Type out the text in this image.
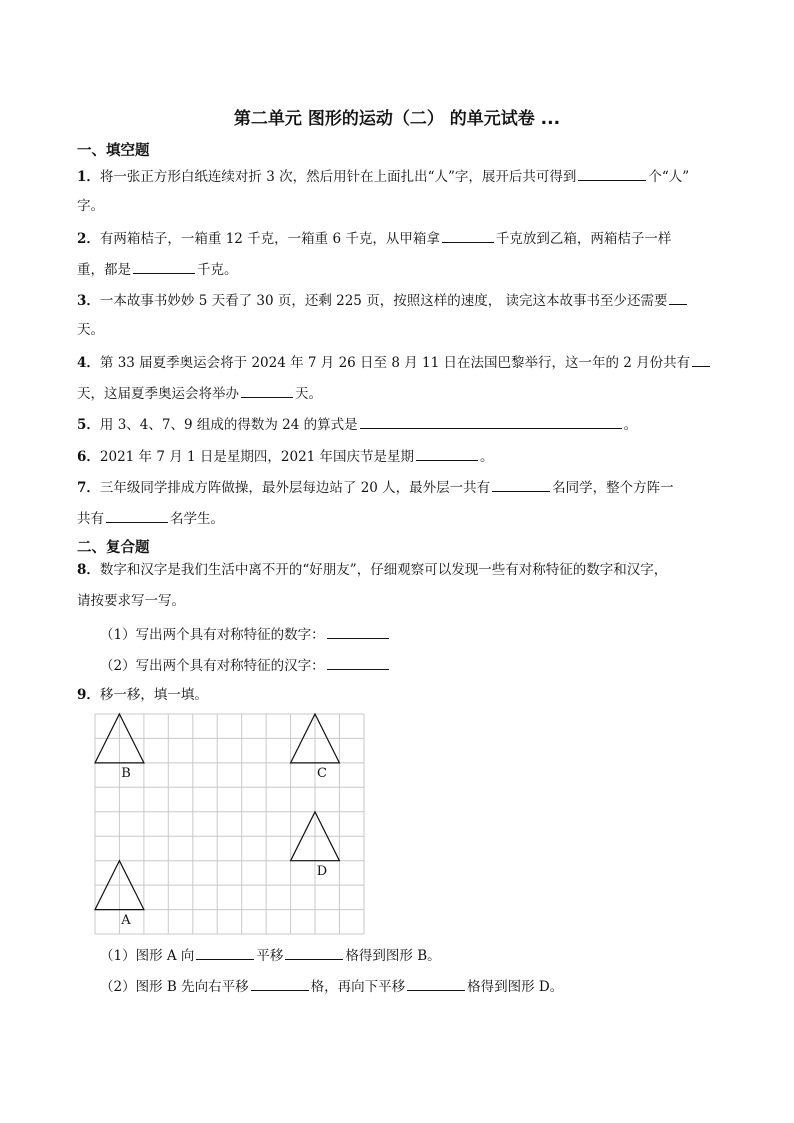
第二单元 图形的运动（二） 的单元试卷 ...
一、填空题
1．将一张正方形白纸连续对折 3 次，然后用针在上面扎出“人”字，展开后共可得到	个“人”
字。
2．有两箱桔子，一箱重 12 千克，一箱重 6 千克，从甲箱拿	千克放到乙箱，两箱桔子一样
重，都是	千克。
3．一本故事书妙妙 5 天看了 30 页，还剩 225 页，按照这样的速度， 读完这本故事书至少还需要
天。
4．第 33 届夏季奥运会将于 2024 年 7 月 26 日至 8 月 11 日在法国巴黎举行，这一年的 2 月份共有
天，这届夏季奥运会将举办	天。
5．用 3、4、7、9 组成的得数为 24 的算式是	。
6．2021 年 7 月 1 日是星期四，2021 年国庆节是星期	。
7．三年级同学排成方阵做操，最外层每边站了 20 人，最外层一共有	名同学，整个方阵一
共有	名学生。
二、复合题
8．数字和汉字是我们生活中离不开的“好朋友”，仔细观察可以发现一些有对称特征的数字和汉字，
请按要求写一写。
（1）写出两个具有对称特征的数字：
（2）写出两个具有对称特征的汉字：
9．移一移，填一填。
B	C
D
A
（1）图形 A 向	平移	格得到图形 B。
（2）图形 B 先向右平移	格，再向下平移	格得到图形 D。
